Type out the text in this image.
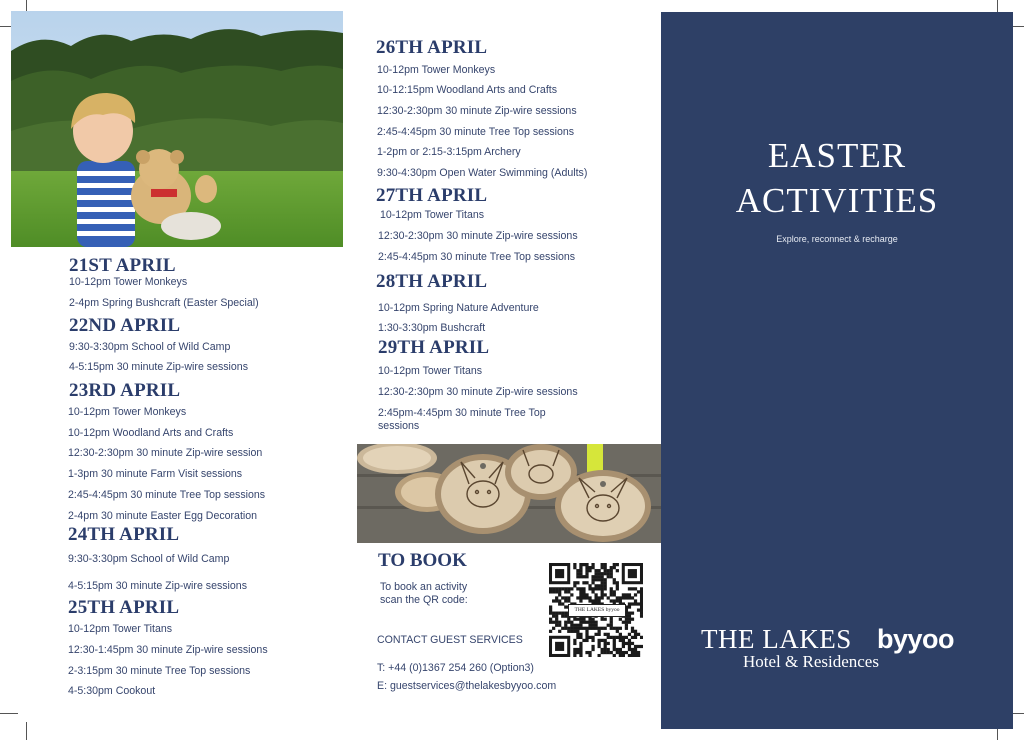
21ST APRIL
10-12pm Tower Monkeys
2-4pm Spring Bushcraft (Easter Special)
22ND APRIL
9:30-3:30pm School of Wild Camp
4-5:15pm 30 minute Zip-wire sessions
23RD APRIL
10-12pm Tower Monkeys
10-12pm Woodland Arts and Crafts
12:30-2:30pm 30 minute Zip-wire session
1-3pm 30 minute Farm Visit sessions
2:45-4:45pm 30 minute Tree Top sessions
2-4pm 30 minute Easter Egg Decoration
24TH APRIL
9:30-3:30pm School of Wild Camp
4-5:15pm 30 minute Zip-wire sessions
25TH APRIL
10-12pm Tower Titans
12:30-1:45pm 30 minute Zip-wire sessions
2-3:15pm 30 minute Tree Top sessions
4-5:30pm Cookout
26TH APRIL
10-12pm Tower Monkeys
10-12:15pm Woodland Arts and Crafts
12:30-2:30pm 30 minute Zip-wire sessions
2:45-4:45pm 30 minute Tree Top sessions
1-2pm or 2:15-3:15pm Archery
9:30-4:30pm Open Water Swimming (Adults)
27TH APRIL
10-12pm Tower Titans
12:30-2:30pm 30 minute Zip-wire sessions
2:45-4:45pm 30 minute Tree Top sessions
28TH APRIL
10-12pm Spring Nature Adventure
1:30-3:30pm Bushcraft
29TH APRIL
10-12pm Tower Titans
12:30-2:30pm 30 minute Zip-wire sessions
2:45pm-4:45pm 30 minute Tree Top sessions
TO BOOK
To book an activity scan the QR code:
THE LAKES byyoo
CONTACT GUEST SERVICES
T: +44 (0)1367 254 260 (Option3)
E: guestservices@thelakesbyyoo.com
EASTER
ACTIVITIES
Explore, reconnect & recharge
THE LAKES byyoo
Hotel & Residences
